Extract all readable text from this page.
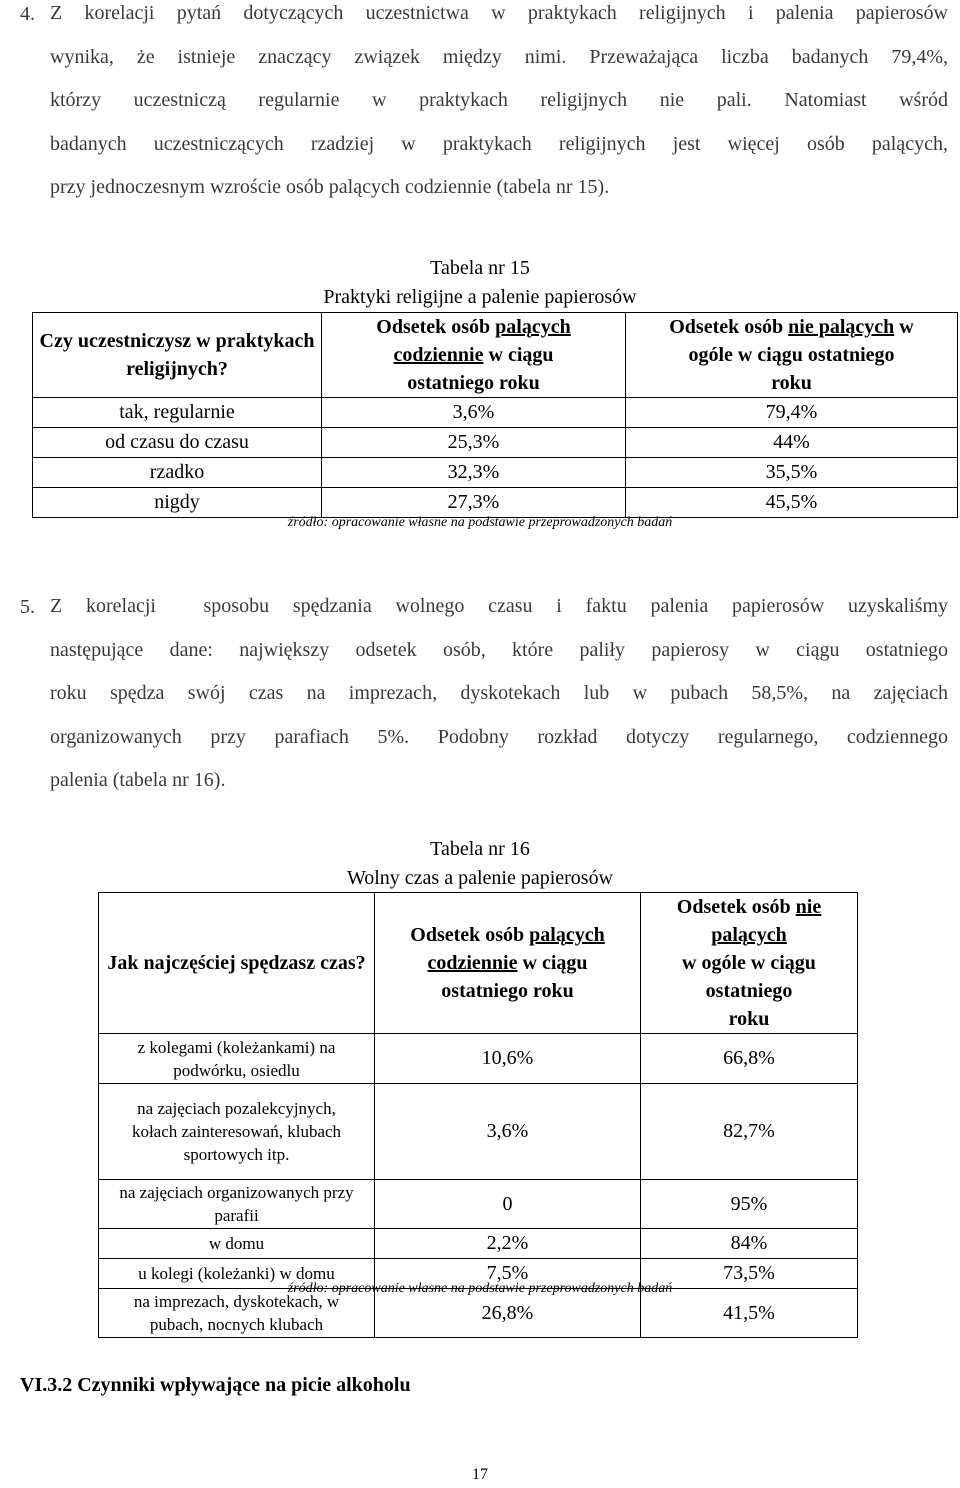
4. Z korelacji pytań dotyczących uczestnictwa w praktykach religijnych i palenia papierosów
wynika, że istnieje znaczący związek między nimi. Przeważająca liczba badanych 79,4%,
którzy uczestniczą regularnie w praktykach religijnych nie pali. Natomiast wśród
badanych uczestniczących rzadziej w praktykach religijnych jest więcej osób palących,
przy jednoczesnym wzroście osób palących codziennie (tabela nr 15).
Tabela nr 15
Praktyki religijne a palenie papierosów
Czy uczestniczysz w praktykach religijnych?	Odsetek osób palących
codziennie w ciągu
ostatniego roku	Odsetek osób nie palących w
ogóle w ciągu ostatniego
roku
tak, regularnie	3,6%	79,4%
od czasu do czasu	25,3%	44%
rzadko	32,3%	35,5%
nigdy	27,3%	45,5%
źródło: opracowanie własne na podstawie przeprowadzonych badań
5. Z korelacji  sposobu spędzania wolnego czasu i faktu palenia papierosów uzyskaliśmy
następujące dane: największy odsetek osób, które paliły papierosy w ciągu ostatniego
roku spędza swój czas na imprezach, dyskotekach lub w pubach 58,5%, na zajęciach
organizowanych przy parafiach 5%. Podobny rozkład dotyczy regularnego, codziennego
palenia (tabela nr 16).
Tabela nr 16
Wolny czas a palenie papierosów
Jak najczęściej spędzasz czas?	Odsetek osób palących
codziennie w ciągu
ostatniego roku	Odsetek osób nie palących
w ogóle w ciągu ostatniego
roku
z kolegami (koleżankami) na podwórku, osiedlu	10,6%	66,8%
na zajęciach pozalekcyjnych, kołach zainteresowań, klubach sportowych itp.	3,6%	82,7%
na zajęciach organizowanych przy parafii	0	95%
w domu	2,2%	84%
u kolegi (koleżanki) w domu	7,5%	73,5%
na imprezach, dyskotekach, w pubach, nocnych klubach	26,8%	41,5%
źródło: opracowanie własne na podstawie przeprowadzonych badań
VI.3.2 Czynniki wpływające na picie alkoholu
17
